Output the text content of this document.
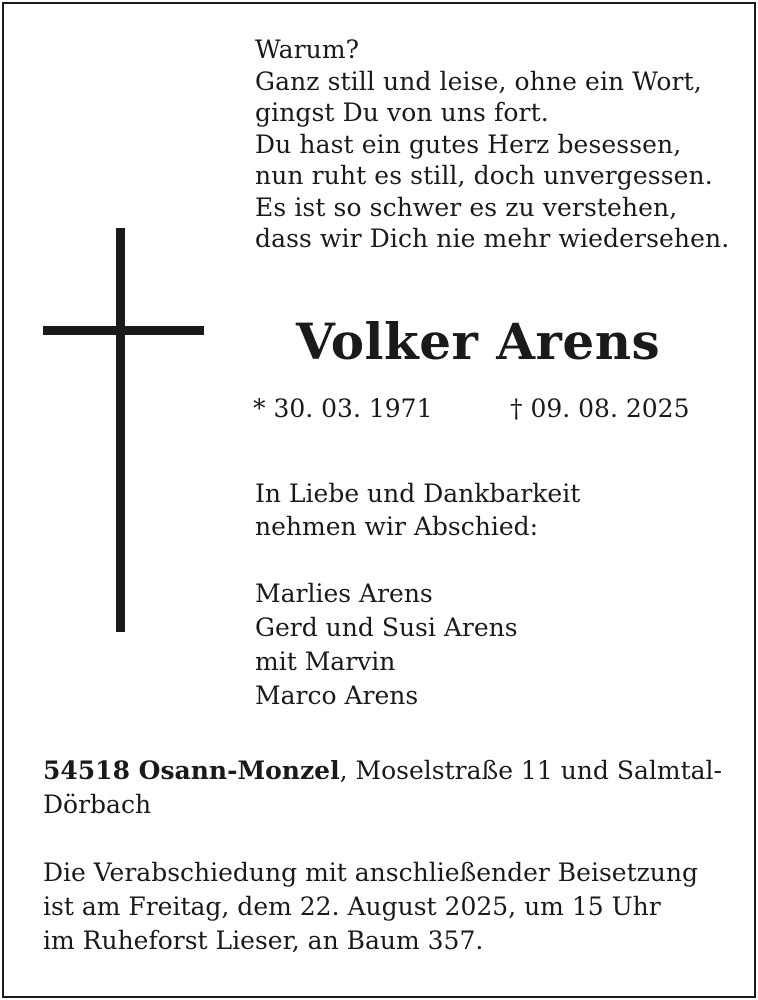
Warum?
Ganz still und leise, ohne ein Wort,
gingst Du von uns fort.
Du hast ein gutes Herz besessen,
nun ruht es still, doch unvergessen.
Es ist so schwer es zu verstehen,
dass wir Dich nie mehr wiedersehen.
Volker Arens
* 30. 03. 1971	† 09. 08. 2025
In Liebe und Dankbarkeit
nehmen wir Abschied:
Marlies Arens
Gerd und Susi Arens
mit Marvin
Marco Arens
54518 Osann-Monzel, Moselstraße 11 und Salmtal-Dörbach
Die Verabschiedung mit anschließender Beisetzung
ist am Freitag, dem 22. August 2025, um 15 Uhr
im Ruheforst Lieser, an Baum 357.
